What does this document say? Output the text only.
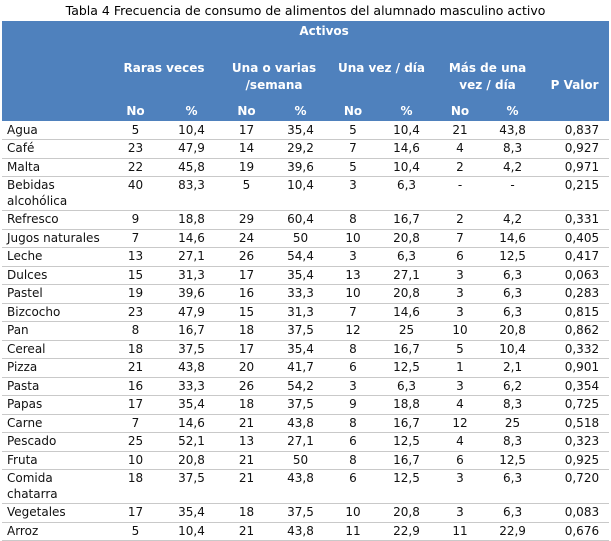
Tabla 4 Frecuencia de consumo de alimentos del alumnado masculino activo
	Activos								
	Raras veces		Una o varias /semana		Una vez / día		Más de una vez / día		P Valor
	No	%	No	%	No	%	No	%	
Agua	5	10,4	17	35,4	5	10,4	21	43,8	0,837
Café	23	47,9	14	29,2	7	14,6	4	8,3	0,927
Malta	22	45,8	19	39,6	5	10,4	2	4,2	0,971
Bebidas alcohólica	40	83,3	5	10,4	3	6,3	-	-	0,215
Refresco	9	18,8	29	60,4	8	16,7	2	4,2	0,331
Jugos naturales	7	14,6	24	50	10	20,8	7	14,6	0,405
Leche	13	27,1	26	54,4	3	6,3	6	12,5	0,417
Dulces	15	31,3	17	35,4	13	27,1	3	6,3	0,063
Pastel	19	39,6	16	33,3	10	20,8	3	6,3	0,283
Bizcocho	23	47,9	15	31,3	7	14,6	3	6,3	0,815
Pan	8	16,7	18	37,5	12	25	10	20,8	0,862
Cereal	18	37,5	17	35,4	8	16,7	5	10,4	0,332
Pizza	21	43,8	20	41,7	6	12,5	1	2,1	0,901
Pasta	16	33,3	26	54,2	3	6,3	3	6,2	0,354
Papas	17	35,4	18	37,5	9	18,8	4	8,3	0,725
Carne	7	14,6	21	43,8	8	16,7	12	25	0,518
Pescado	25	52,1	13	27,1	6	12,5	4	8,3	0,323
Fruta	10	20,8	21	50	8	16,7	6	12,5	0,925
Comida chatarra	18	37,5	21	43,8	6	12,5	3	6,3	0,720
Vegetales	17	35,4	18	37,5	10	20,8	3	6,3	0,083
Arroz	5	10,4	21	43,8	11	22,9	11	22,9	0,676
